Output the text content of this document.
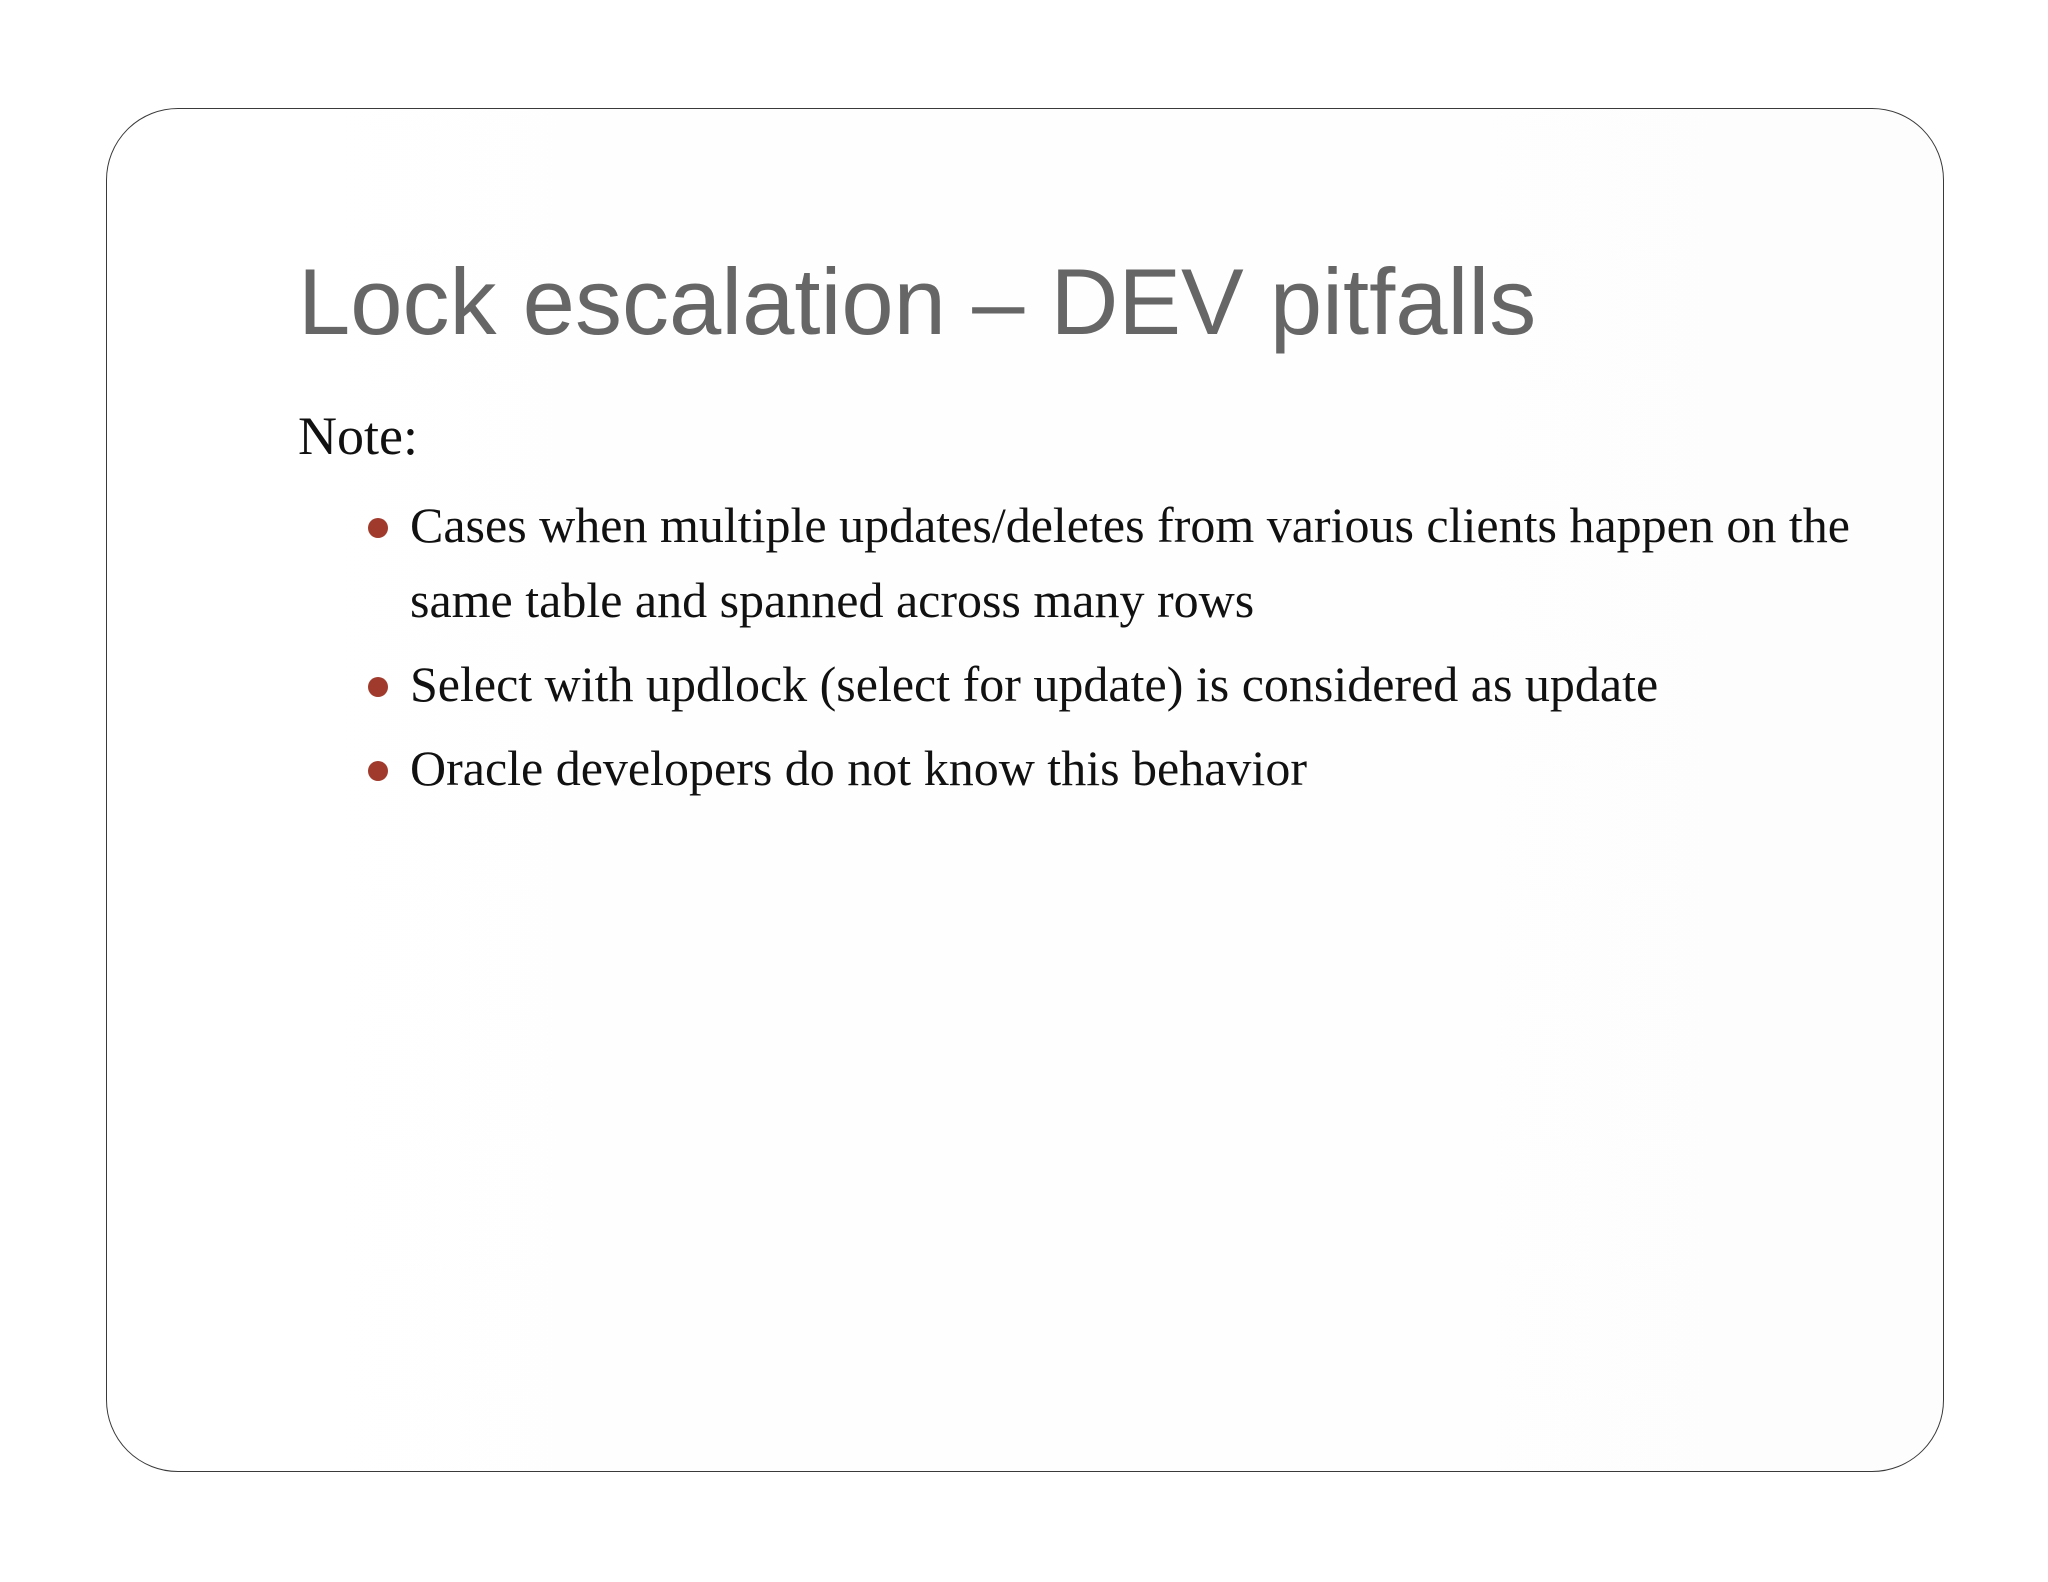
Lock escalation – DEV pitfalls

Note:

Cases when multiple updates/deletes from various clients happen on the same table and spanned across many rows
Select with updlock (select for update) is considered as update
Oracle developers do not know this behavior
